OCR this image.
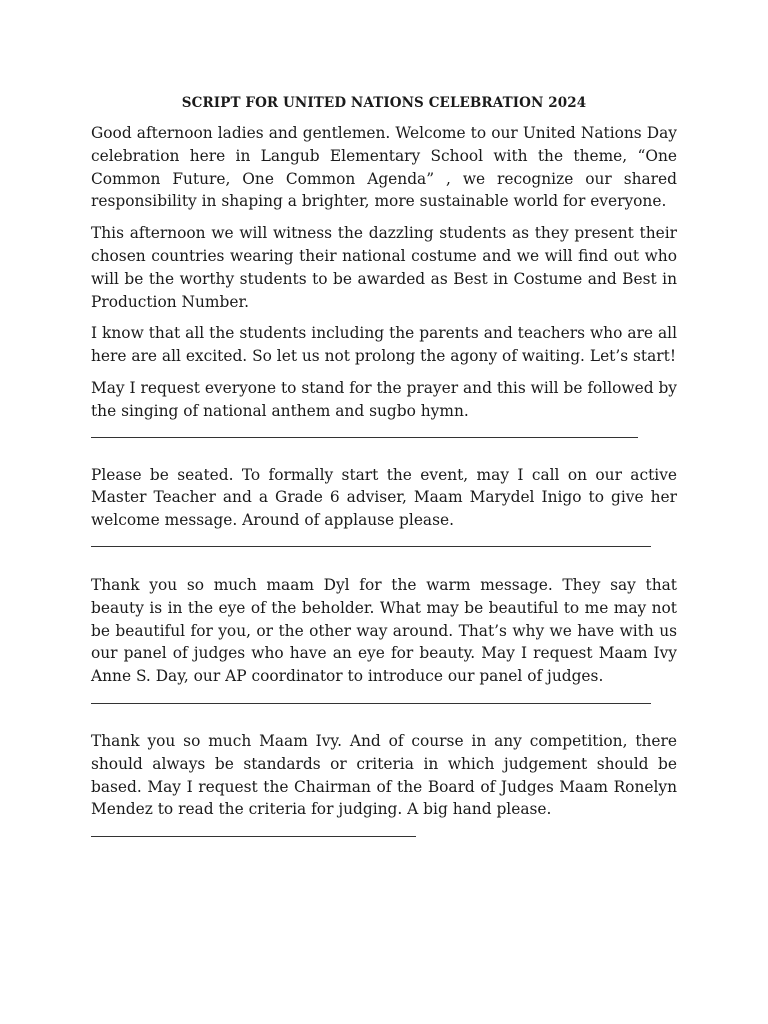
SCRIPT FOR UNITED NATIONS CELEBRATION 2024

Good afternoon ladies and gentlemen. Welcome to our United Nations Day celebration here in Langub Elementary School with the theme, “One Common Future, One Common Agenda” , we recognize our shared responsibility in shaping a brighter, more sustainable world for everyone.

This afternoon we will witness the dazzling students as they present their chosen countries wearing their national costume and we will find out who will be the worthy students to be awarded as Best in Costume and Best in Production Number.

I know that all the students including the parents and teachers who are all here are all excited. So let us not prolong the agony of waiting. Let’s start!

May I request everyone to stand for the prayer and this will be followed by the singing of national anthem and sugbo hymn.

Please be seated. To formally start the event, may I call on our active Master Teacher and a Grade 6 adviser, Maam Marydel Inigo to give her welcome message. Around of applause please.

Thank you so much maam Dyl for the warm message. They say that beauty is in the eye of the beholder. What may be beautiful to me may not be beautiful for you, or the other way around. That’s why we have with us our panel of judges who have an eye for beauty. May I request Maam Ivy Anne S. Day, our AP coordinator to introduce our panel of judges.

Thank you so much Maam Ivy. And of course in any competition, there should always be standards or criteria in which judgement should be based. May I request the Chairman of the Board of Judges Maam Ronelyn Mendez to read the criteria for judging. A big hand please.
